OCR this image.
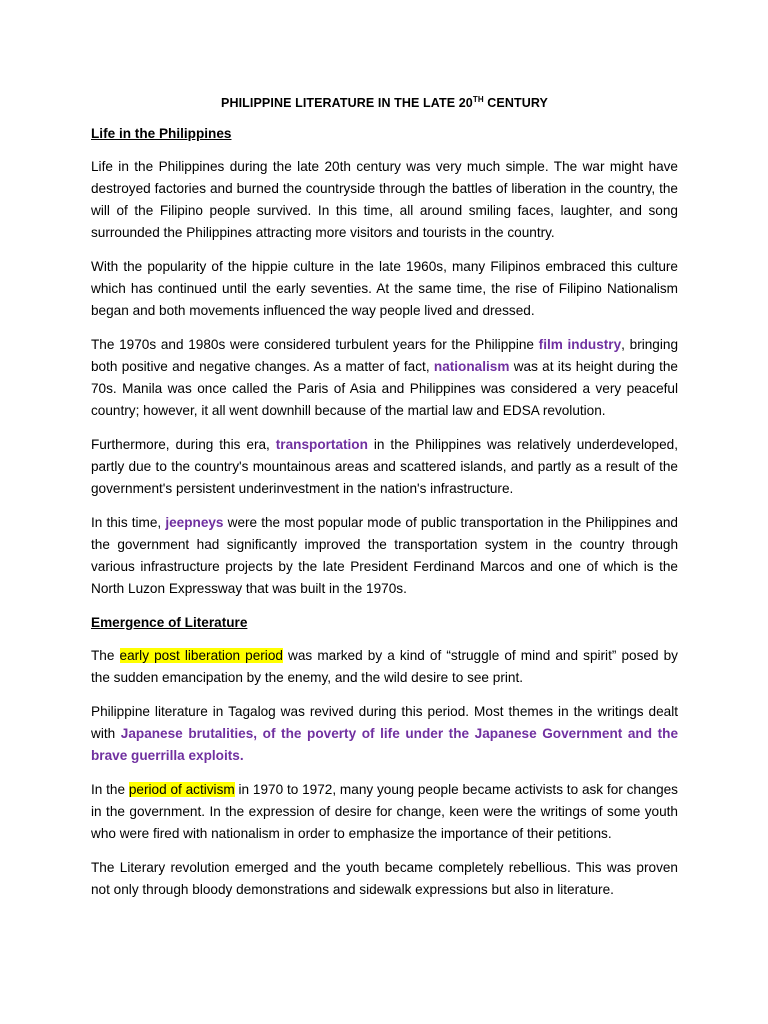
PHILIPPINE LITERATURE IN THE LATE 20TH CENTURY
Life in the Philippines

Life in the Philippines during the late 20th century was very much simple. The war might have destroyed factories and burned the countryside through the battles of liberation in the country, the will of the Filipino people survived. In this time, all around smiling faces, laughter, and song surrounded the Philippines attracting more visitors and tourists in the country.

With the popularity of the hippie culture in the late 1960s, many Filipinos embraced this culture which has continued until the early seventies. At the same time, the rise of Filipino Nationalism began and both movements influenced the way people lived and dressed.

The 1970s and 1980s were considered turbulent years for the Philippine film industry, bringing both positive and negative changes. As a matter of fact, nationalism was at its height during the 70s. Manila was once called the Paris of Asia and Philippines was considered a very peaceful country; however, it all went downhill because of the martial law and EDSA revolution.

Furthermore, during this era, transportation in the Philippines was relatively underdeveloped, partly due to the country's mountainous areas and scattered islands, and partly as a result of the government's persistent underinvestment in the nation's infrastructure.

In this time, jeepneys were the most popular mode of public transportation in the Philippines and the government had significantly improved the transportation system in the country through various infrastructure projects by the late President Ferdinand Marcos and one of which is the North Luzon Expressway that was built in the 1970s.

Emergence of Literature

The early post liberation period was marked by a kind of “struggle of mind and spirit” posed by the sudden emancipation by the enemy, and the wild desire to see print.

Philippine literature in Tagalog was revived during this period. Most themes in the writings dealt with Japanese brutalities, of the poverty of life under the Japanese Government and the brave guerrilla exploits.

In the period of activism in 1970 to 1972, many young people became activists to ask for changes in the government. In the expression of desire for change, keen were the writings of some youth who were fired with nationalism in order to emphasize the importance of their petitions.

The Literary revolution emerged and the youth became completely rebellious. This was proven not only through bloody demonstrations and sidewalk expressions but also in literature.
